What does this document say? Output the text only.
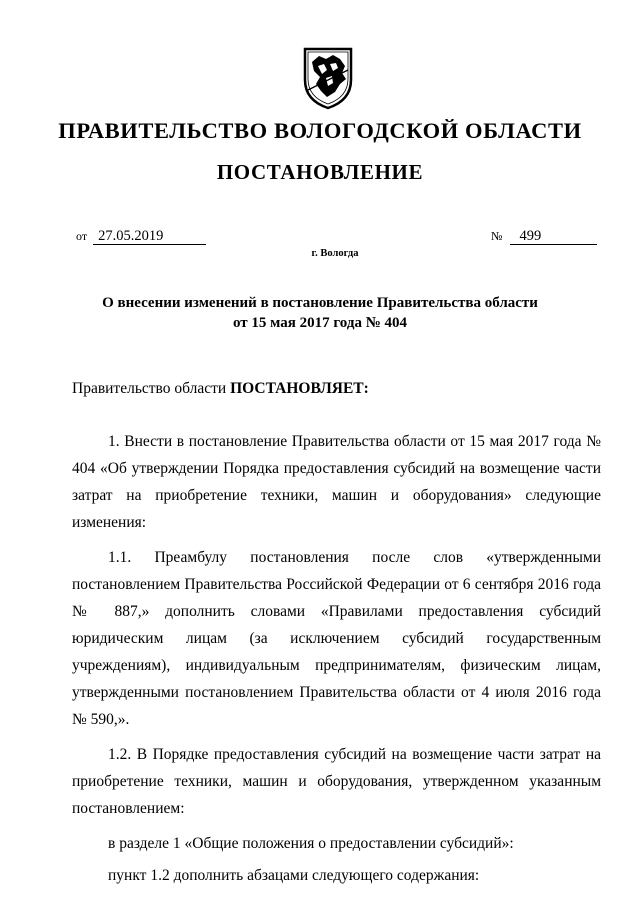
ПРАВИТЕЛЬСТВО ВОЛОГОДСКОЙ ОБЛАСТИ
ПОСТАНОВЛЕНИЕ
от 27.05.2019	№ 499
г. Вологда
О внесении изменений в постановление Правительства области
от 15 мая 2017 года № 404
Правительство области ПОСТАНОВЛЯЕТ:

1. Внести в постановление Правительства области от 15 мая 2017 года № 404 «Об утверждении Порядка предоставления субсидий на возмещение части затрат на приобретение техники, машин и оборудования» следующие изменения:

1.1. Преамбулу постановления после слов «утвержденными постановлением Правительства Российской Федерации от 6 сентября 2016 года № 887,» дополнить словами «Правилами предоставления субсидий юридическим лицам (за исключением субсидий государственным учреждениям), индивидуальным предпринимателям, физическим лицам, утвержденными постановлением Правительства области от 4 июля 2016 года № 590,».

1.2. В Порядке предоставления субсидий на возмещение части затрат на приобретение техники, машин и оборудования, утвержденном указанным постановлением:

в разделе 1 «Общие положения о предоставлении субсидий»:

пункт 1.2 дополнить абзацами следующего содержания:
